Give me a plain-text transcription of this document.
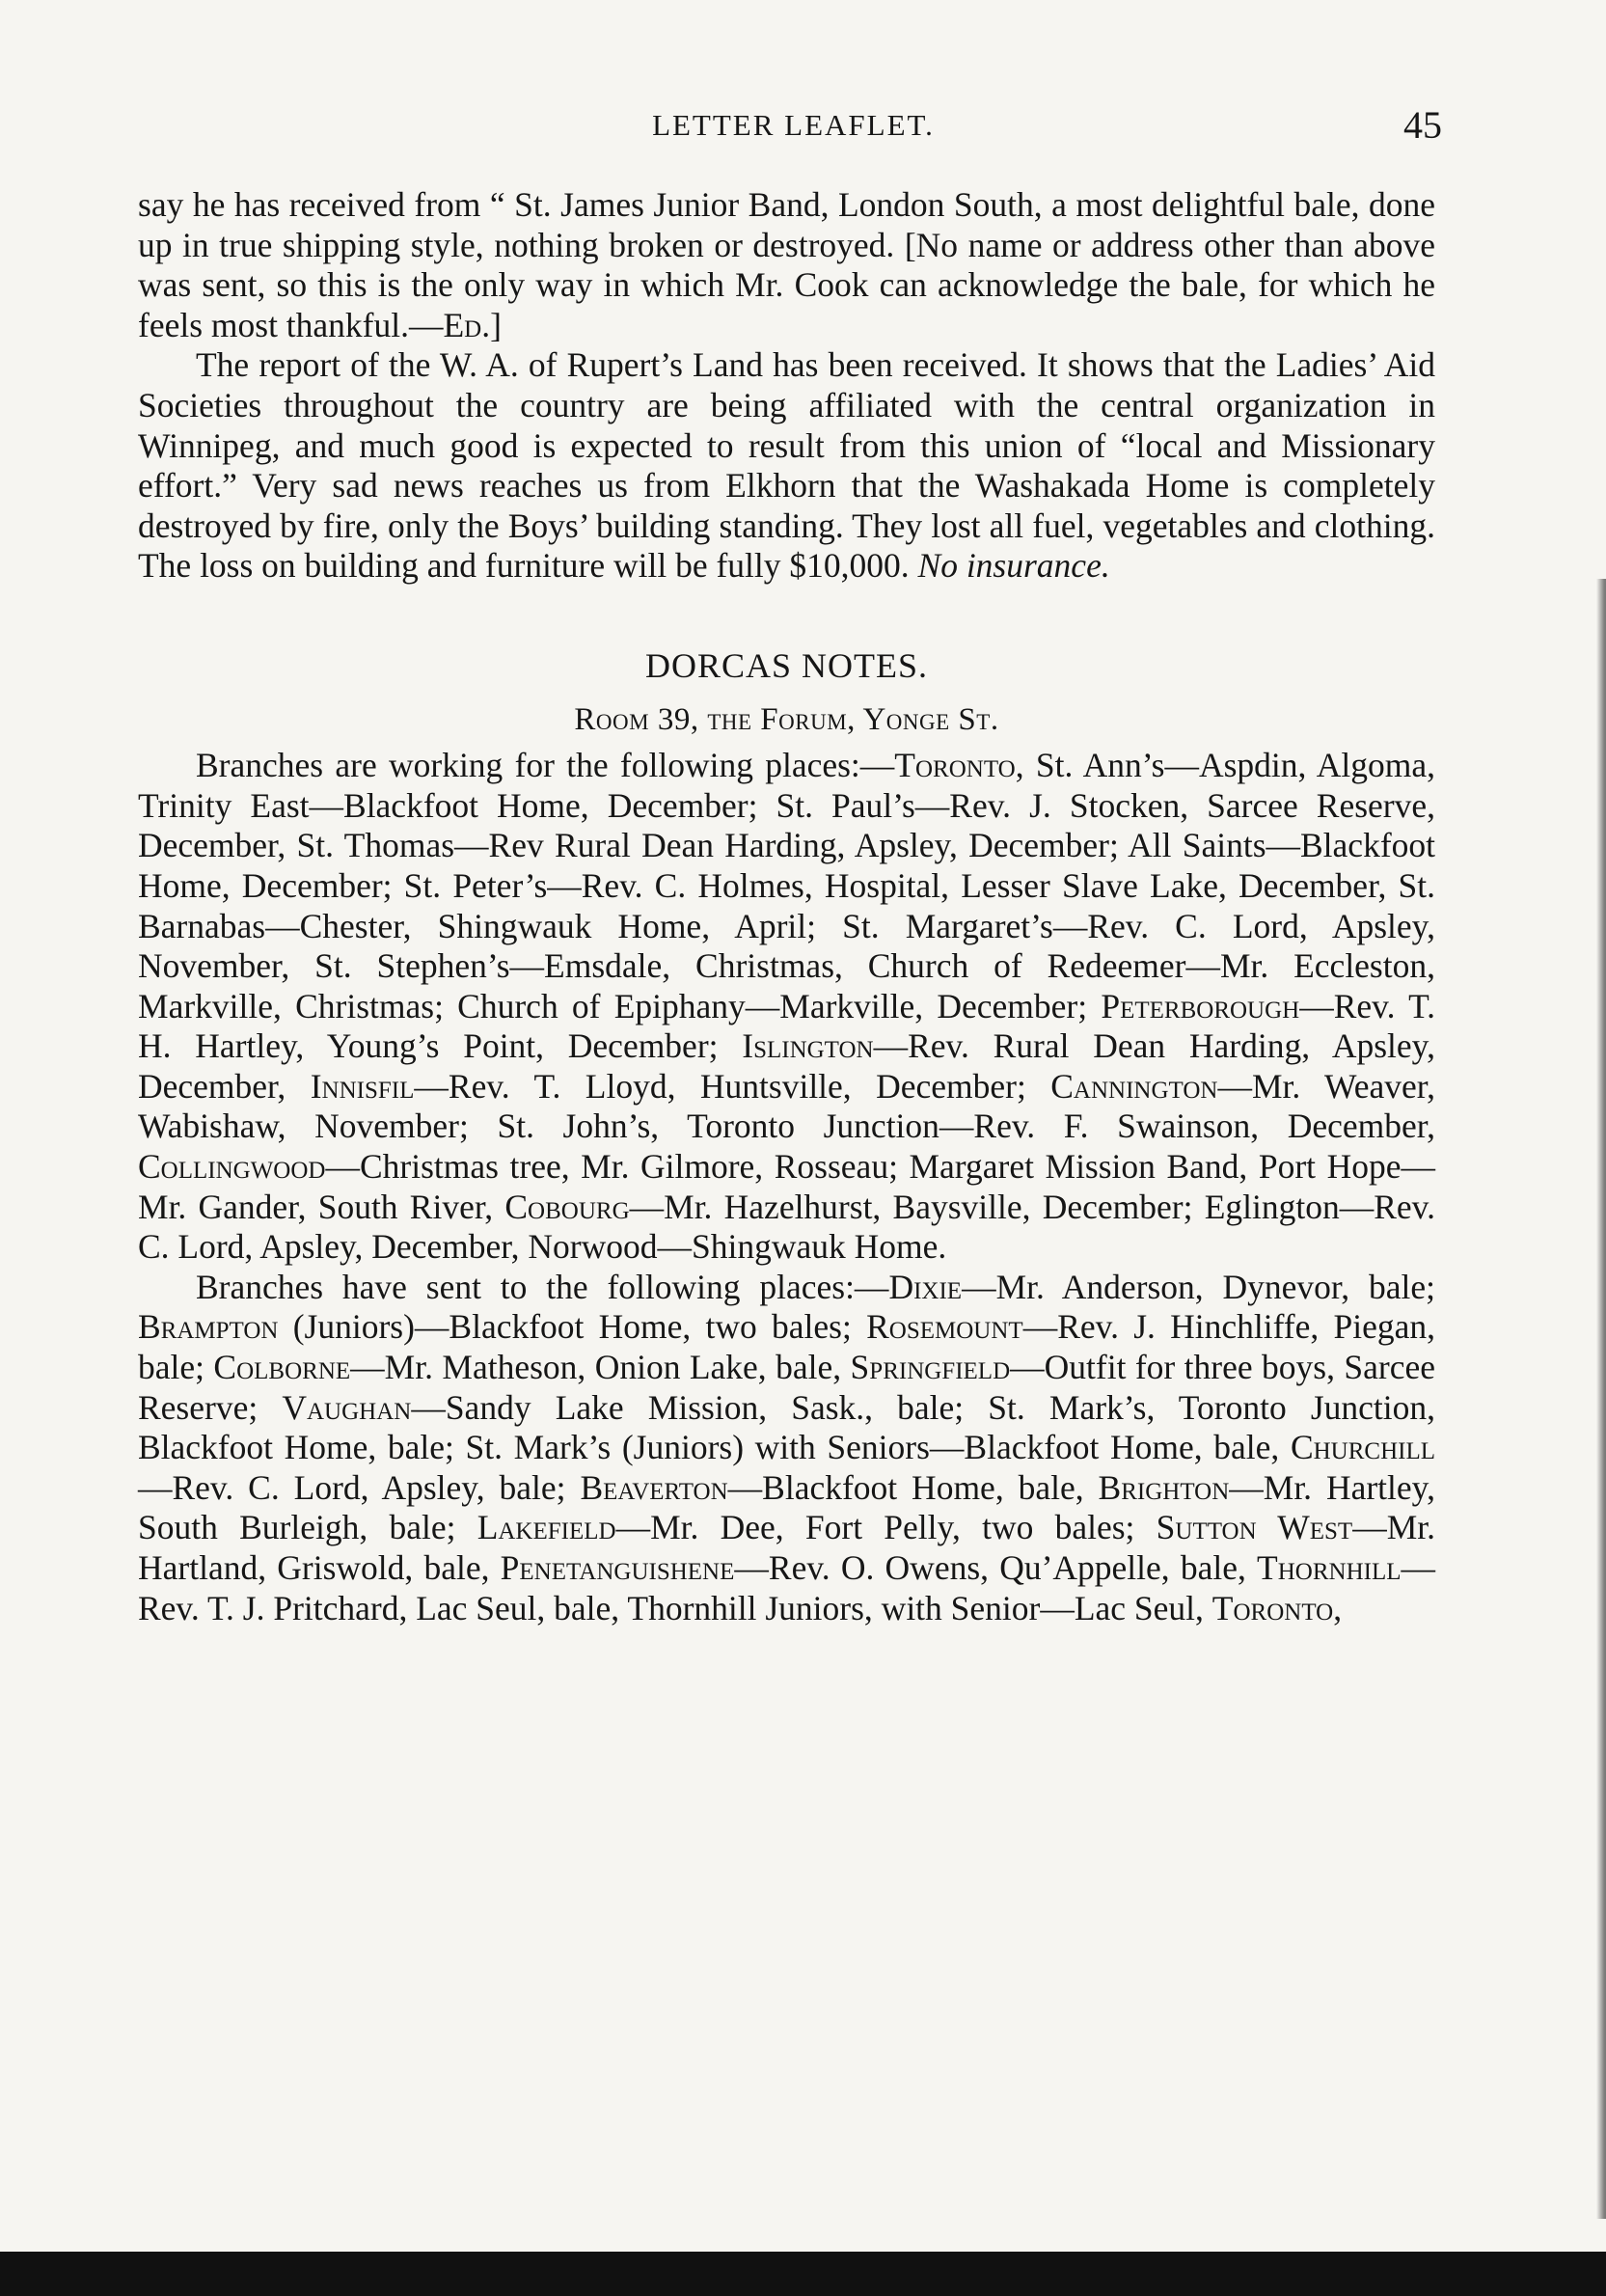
LETTER LEAFLET.	45

say he has received from “ St. James Junior Band, London South, a most delightful bale, done up in true shipping style, nothing broken or destroyed. [No name or address other than above was sent, so this is the only way in which Mr. Cook can acknowledge the bale, for which he feels most thankful.—Ed.]

The report of the W. A. of Rupert’s Land has been received. It shows that the Ladies’ Aid Societies throughout the country are being affiliated with the central organization in Winnipeg, and much good is expected to result from this union of “local and Missionary effort.” Very sad news reaches us from Elkhorn that the Washakada Home is completely destroyed by fire, only the Boys’ building standing. They lost all fuel, vegetables and clothing. The loss on building and furniture will be fully $10,000. No insurance.

DORCAS NOTES.
Room 39, the Forum, Yonge St.

Branches are working for the following places:—Toronto, St. Ann’s—Aspdin, Algoma, Trinity East—Blackfoot Home, December; St. Paul’s—Rev. J. Stocken, Sarcee Reserve, December, St. Thomas—Rev Rural Dean Harding, Apsley, December; All Saints—Blackfoot Home, December; St. Peter’s—Rev. C. Holmes, Hospital, Lesser Slave Lake, December, St. Barnabas—Chester, Shingwauk Home, April; St. Margaret’s—Rev. C. Lord, Apsley, November, St. Stephen’s—Emsdale, Christmas, Church of Redeemer—Mr. Eccleston, Markville, Christmas; Church of Epiphany—Markville, December; Peterborough—Rev. T. H. Hartley, Young’s Point, December; Islington—Rev. Rural Dean Harding, Apsley, December, Innisfil—Rev. T. Lloyd, Huntsville, December; Cannington—Mr. Weaver, Wabishaw, November; St. John’s, Toronto Junction—Rev. F. Swainson, December, Collingwood—Christmas tree, Mr. Gilmore, Rosseau; Margaret Mission Band, Port Hope—Mr. Gander, South River, Cobourg—Mr. Hazelhurst, Baysville, December; Eglington—Rev. C. Lord, Apsley, December, Norwood—Shingwauk Home.

Branches have sent to the following places:—Dixie—Mr. Anderson, Dynevor, bale; Brampton (Juniors)—Blackfoot Home, two bales; Rosemount—Rev. J. Hinchliffe, Piegan, bale; Colborne—Mr. Matheson, Onion Lake, bale, Springfield—Outfit for three boys, Sarcee Reserve; Vaughan—Sandy Lake Mission, Sask., bale; St. Mark’s, Toronto Junction, Blackfoot Home, bale; St. Mark’s (Juniors) with Seniors—Blackfoot Home, bale, Churchill—Rev. C. Lord, Apsley, bale; Beaverton—Blackfoot Home, bale, Brighton—Mr. Hartley, South Burleigh, bale; Lakefield—Mr. Dee, Fort Pelly, two bales; Sutton West—Mr. Hartland, Griswold, bale, Penetanguishene—Rev. O. Owens, Qu’Appelle, bale, Thornhill—Rev. T. J. Pritchard, Lac Seul, bale, Thornhill Juniors, with Senior—Lac Seul, Toronto,
